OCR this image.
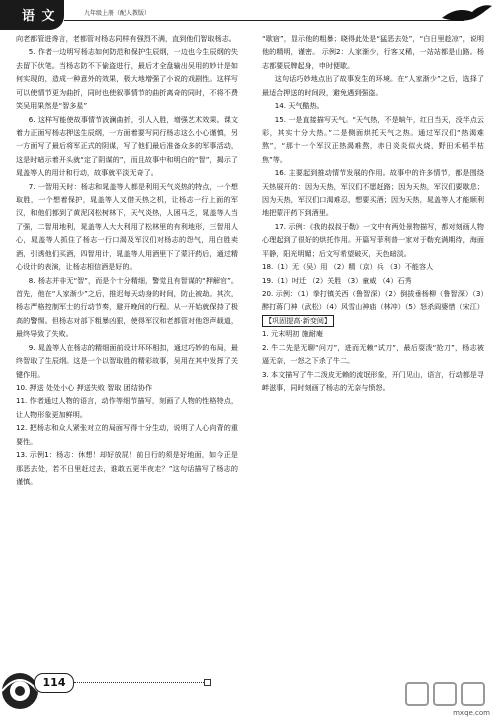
语 文	九年级上册（配人教版）

向老都管进谗言，老都管对杨志同样有强烈不满，直到他们智取杨志。

5. 作者一边明写杨志如何防范和保护生辰纲，一边也今生辰纲的失去留下伏笔。当杨志防不下偷盗进行，最后才全盘输出吴用的妙计是如何实现的，造成一种意外的效果，极大地增强了小说的戏剧性。这样写可以使情节更为曲折，同时也使叙事情节的曲折离奇的同时，不将不费笑吴用果然是“智多星”

6. 这样写能使故事情节波澜曲折，引人入胜，增强艺术效果。课文着力正面写杨志押送生辰纲，一方面着要写同行杨志这么小心谨慎，另一方面写了最后将军正式的阴谋，写了他们最后准备众多的军事活动，这是时暗示着开头就“定了阴谋的”，而且故事中和明白的“智”，揭示了晁盖等人的用计和行动，故事就平淡无奇了。

7. 一智用天时：杨志和晁盖等人都是利用天气炎热的特点，一个想取胜，一个想着保护，晁盖等人又借天热之机，让杨志一行上面的军汉，和他们都到了黄泥冈松树林下，天气炎热，人困马乏，晁盖等人当了强，二智用地利，晁盖等人大大利用了松林里的有利地形，三智用人心，晁盖等人抓住了杨志一行口渴及军汉们对杨志的怨气，用白胜卖酒，引诱他们买酒，四智用计，晁盖等人用酒里下了蒙汗药后，通过精心设计的表演，让杨志相信酒是好的。

8. 杨志并非无“智”，而是个十分精细，警觉且有智谋的“押解官”。首先，他在“人家渐少”之后，推迟每天动身的时间，防止被劫。其次，杨志严格控制军士的行动节奏，避开晚间的行程。从一开始就保持了极高的警惕。但杨志对部下粗暴凶狠，使得军汉和老都管对他怨声载道，最终导致了失败。

9. 晁盖等人在杨志的精细面前设计环环相扣，通过巧妙的布局，最终智取了生辰纲。这是一个以智取胜的精彩故事，吴用在其中发挥了关键作用。

10. 押送 处处小心 押送失败 智取 团结协作

11. 作者通过人物的语言，动作等细节描写，刻画了人物的性格特点，让人物形象更加鲜明。

12. 把杨志和众人紧张对立的局面写得十分生动，说明了人心向背的重要性。

13. 示例1：杨志：休想！却好放屁！前日行的须是好地面，如今正是那恶去处，若不日里赶过去，谁敢五更半夜走？”这句话描写了杨志的谨慎。

“歇宿”，显示他的粗暴；晓得此处是“猛恶去处”，“白日里趁凉”，说明他的精明，谨密。 示例2：人家渐少，行客又稀，一站站都是山路。杨志都要辰牌起身，申时便歇。

这句话巧妙地点出了故事发生的环境。在“人家渐少”之后，选择了最适合押送的时间段，避免遇到强盗。

14. 天气酷热。

15. 一是直接描写天气。“天气热，不是晌午，红日当天，没半点云彩，其实十分大热。”二是侧面烘托天气之热。通过军汉们“热渴难熬”，“那十一个军汉正热渴难熬，赤日炎炎似火烧，野田禾稻半枯焦”等。

16. 主要起到推动情节发展的作用。故事中的许多情节，都是围绕天热展开的：因为天热，军汉们不愿赶路；因为天热，军汉们要歇息；因为天热，军汉们口渴难忍，想要买酒；因为天热，晁盖等人才能顺利地把蒙汗药下到酒里。

17. 示例：《我的叔叔于勒》一文中有两处景物描写，都对刻画人物心理起到了很好的烘托作用。开篇写菲利普一家对于勒充满期待，海面平静，阳光明媚；后文写希望破灭，天色暗淡。

18.（1）无（吴）用 （2）精（京）兵 （3）不能容人

19.（1）吋迁 （2）关胜 （3）童威 （4）石秀

20. 示例：（1）拳打镇关西（鲁智深）（2）倒拔垂杨柳（鲁智深）（3）醉打蒋门神（武松）（4）风雪山神庙（林冲）（5）怒杀阎婆惜（宋江）

【巩固提高·新变阅】

1. 元末明初 施耐庵

2. 牛二先是无聊“问刀”，进而无赖“试刀”，最后耍泼“抢刀”，杨志被逼无奈，一怒之下杀了牛二。

3. 本文描写了牛二泼皮无赖的流氓形象，开门见山，语言，行动都是寻衅滋事，同时刻画了杨志的无奈与愤怒。

114
mxqe.com
